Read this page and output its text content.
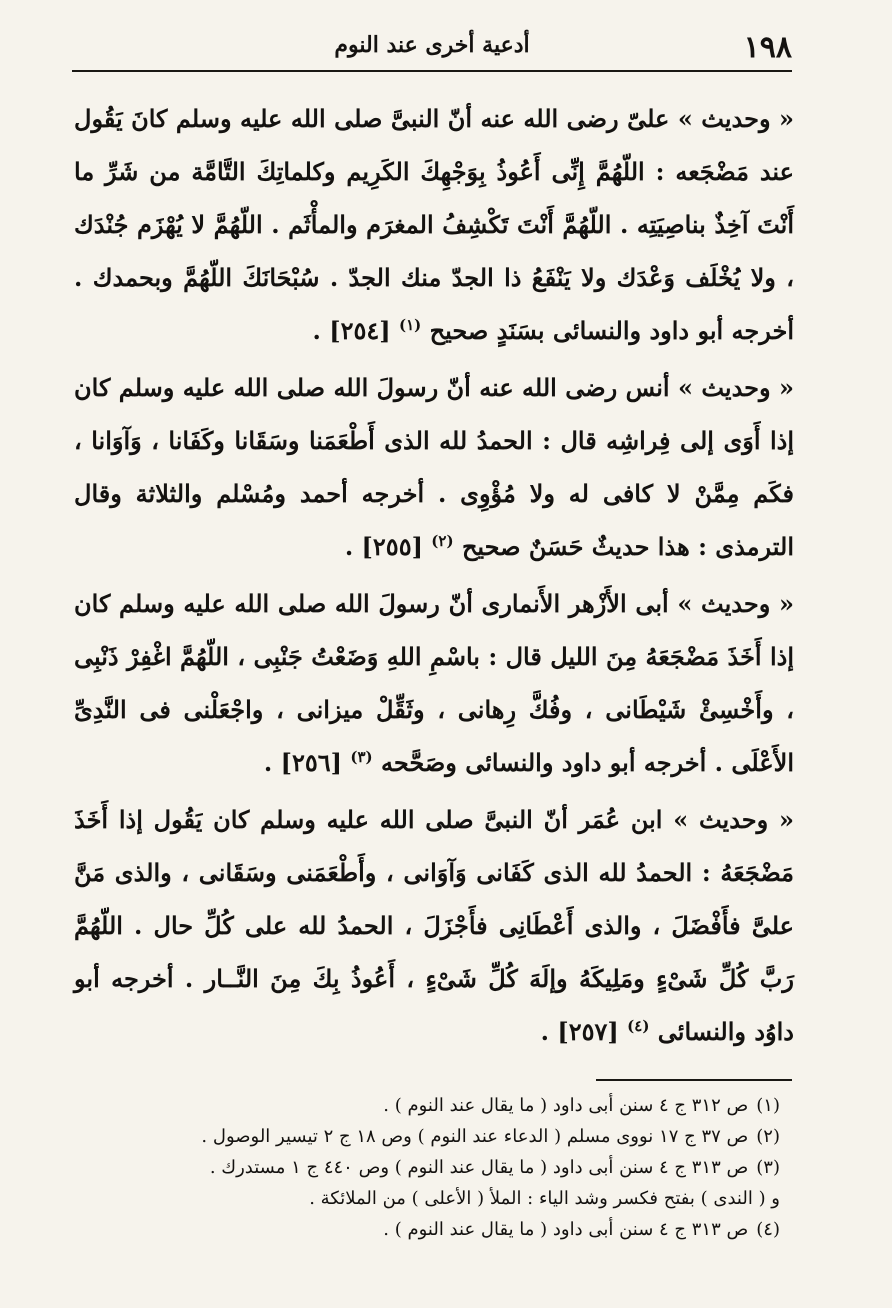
١٩٨
أدعية أخرى عند النوم

« وحديث » علىّ رضى الله عنه أنّ النبىَّ صلى الله عليه وسلم كانَ يَقُول عند مَضْجَعه : اللّهُمَّ إِنِّى أَعُوذُ بِوَجْهِكَ الكَرِيم وكلماتِكَ التَّامَّة من شَرِّ ما أَنْتَ آخِذٌ بناصِيَتِه . اللّهُمَّ أَنْتَ تَكْشِفُ المغرَم والمأْثَم . اللّهُمَّ لا يُهْزَم جُنْدَك ، ولا يُخْلَف وَعْدَك ولا يَنْفَعُ ذا الجدّ منك الجدّ . سُبْحَانَكَ اللّهُمَّ وبحمدك . أخرجه أبو داود والنسائى بسَنَدٍ صحيح $^{(١)}$ [٢٥٤] .

« وحديث » أنس رضى الله عنه أنّ رسولَ الله صلى الله عليه وسلم كان إذا أَوَى إلى فِراشِه قال : الحمدُ لله الذى أَطْعَمَنا وسَقَانا وكَفَانا ، وَآوَانا ، فكَم مِمَّنْ لا كافى له ولا مُؤْوِى . أخرجه أحمد ومُسْلم والثلاثة وقال الترمذى : هذا حديثٌ حَسَنٌ صحيح $^{(٢)}$ [٢٥٥] .

« وحديث » أبى الأَزْهر الأَنمارى أنّ رسولَ الله صلى الله عليه وسلم كان إذا أَخَذَ مَضْجَعَهُ مِنَ الليل قال : باسْمِ اللهِ وَضَعْتُ جَنْبِى ، اللّهُمَّ اغْفِرْ ذَنْبِى ، وأَخْسِئْ شَيْطَانى ، وفُكَّ رِهانى ، وثَقِّلْ ميزانى ، واجْعَلْنى فى النَّدِىِّ الأَعْلَى . أخرجه أبو داود والنسائى وصَحَّحه $^{(٣)}$ [٢٥٦] .

« وحديث » ابن عُمَر أنّ النبىَّ صلى الله عليه وسلم كان يَقُول إذا أَخَذَ مَضْجَعَهُ : الحمدُ لله الذى كَفَانى وَآوَانى ، وأَطْعَمَنى وسَقَانى ، والذى مَنَّ علىَّ فأَفْضَلَ ، والذى أَعْطَانِى فأَجْزَلَ ، الحمدُ لله على كُلِّ حال . اللّهُمَّ رَبَّ كُلِّ شَىْءٍ ومَلِيكَهُ وإلَهَ كُلِّ شَىْءٍ ، أَعُوذُ بِكَ مِنَ النَّــار . أخرجه أبو داوُد والنسائى $^{(٤)}$ [٢٥٧] .

(١)ص ٣١٢ ج ٤ سنن أبى داود ( ما يقال عند النوم ) .

(٢)ص ٣٧ ج ١٧ نووى مسلم ( الدعاء عند النوم ) وص ١٨ ج ٢ تيسير الوصول .

(٣)ص ٣١٣ ج ٤ سنن أبى داود ( ما يقال عند النوم ) وص ٤٤٠ ج ١ مستدرك .

و ( الندى ) بفتح فكسر وشد الياء : الملأ ( الأعلى ) من الملائكة .

(٤)ص ٣١٣ ج ٤ سنن أبى داود ( ما يقال عند النوم ) .
